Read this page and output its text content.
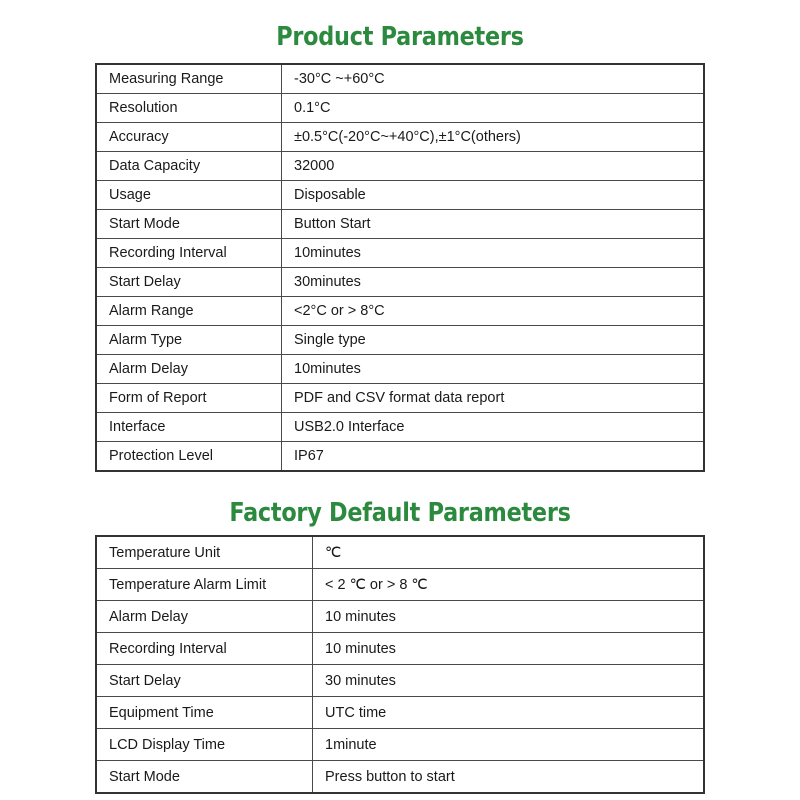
Product Parameters
Measuring Range	-30°C ~+60°C
Resolution	0.1°C
Accuracy	±0.5°C(-20°C~+40°C),±1°C(others)
Data Capacity	32000
Usage	Disposable
Start Mode	Button Start
Recording Interval	10minutes
Start Delay	30minutes
Alarm Range	<2°C or > 8°C
Alarm Type	Single type
Alarm Delay	10minutes
Form of Report	PDF and CSV format data report
Interface	USB2.0 Interface
Protection Level	IP67
Factory Default Parameters
Temperature Unit	℃
Temperature Alarm Limit	< 2 ℃ or > 8 ℃
Alarm Delay	10 minutes
Recording Interval	10 minutes
Start Delay	30 minutes
Equipment Time	UTC time
LCD Display Time	1minute
Start Mode	Press button to start
